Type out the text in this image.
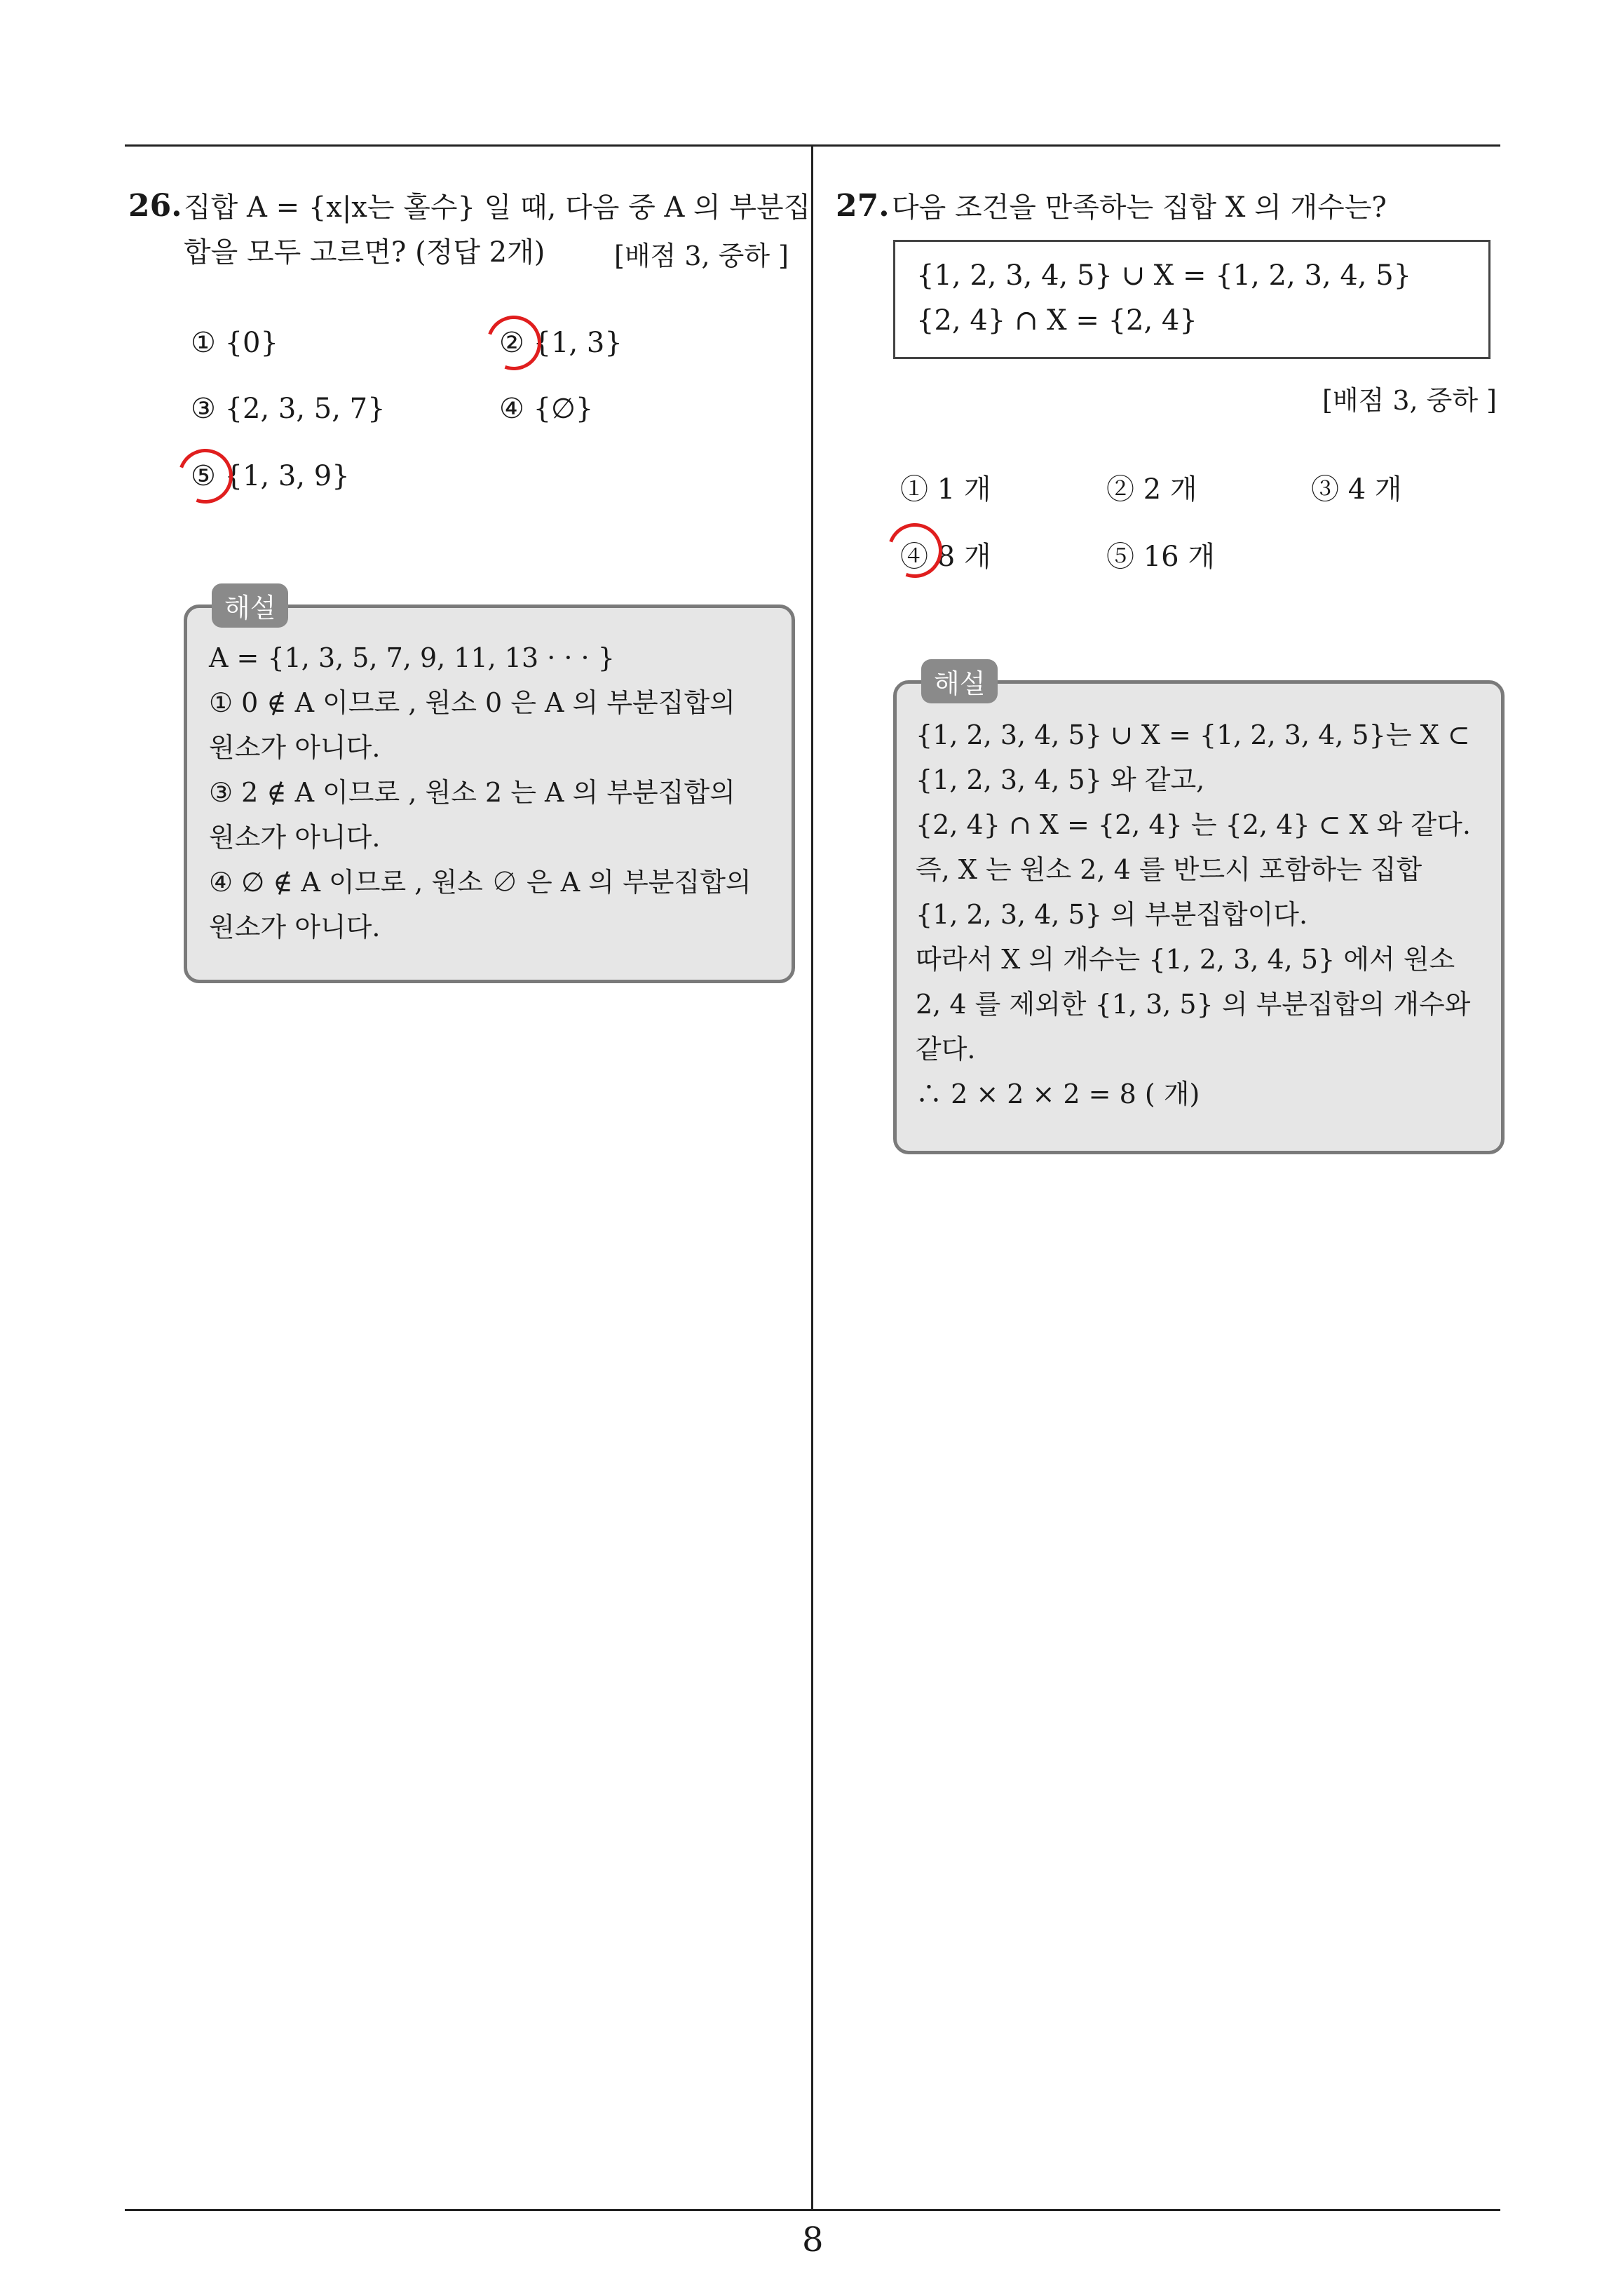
26. 집합 A = {x|x는 홀수} 일 때, 다음 중 A 의 부분집
합을 모두 고르면? (정답 2개)	[배점 3, 중하 ]
① {0}	② {1, 3}
③ {2, 3, 5, 7}	④ {∅}
⑤ {1, 3, 9}
해설
A = {1, 3, 5, 7, 9, 11, 13 · · · }
① 0 ∉ A 이므로 , 원소 0 은 A 의 부분집합의
원소가 아니다.
③ 2 ∉ A 이므로 , 원소 2 는 A 의 부분집합의
원소가 아니다.
④ ∅ ∉ A 이므로 , 원소 ∅ 은 A 의 부분집합의
원소가 아니다.
27. 다음 조건을 만족하는 집합 X 의 개수는?
{1, 2, 3, 4, 5} ∪ X = {1, 2, 3, 4, 5}
{2, 4} ∩ X = {2, 4}
[배점 3, 중하 ]
① 1 개	② 2 개	③ 4 개
④ 8 개	⑤ 16 개
해설
{1, 2, 3, 4, 5} ∪ X = {1, 2, 3, 4, 5}는 X ⊂
{1, 2, 3, 4, 5} 와 같고,
{2, 4} ∩ X = {2, 4} 는 {2, 4} ⊂ X 와 같다.
즉, X 는 원소 2, 4 를 반드시 포함하는 집합
{1, 2, 3, 4, 5} 의 부분집합이다.
따라서 X 의 개수는 {1, 2, 3, 4, 5} 에서 원소
2, 4 를 제외한 {1, 3, 5} 의 부분집합의 개수와
같다.
∴ 2 × 2 × 2 = 8 ( 개)
8
